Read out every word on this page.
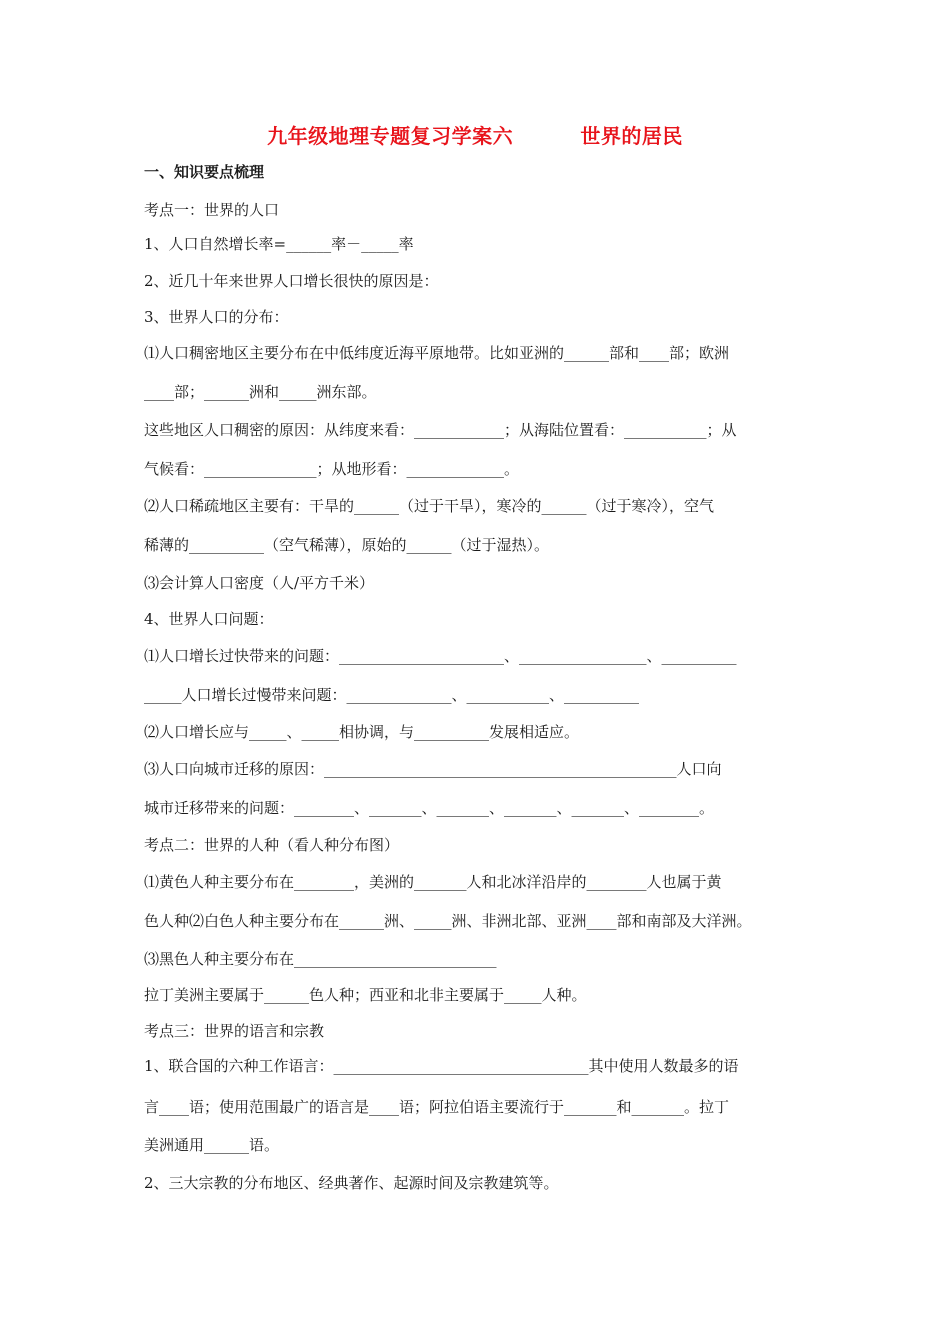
九年级地理专题复习学案六         世界的居民
一、知识要点梳理
考点一：世界的人口
1、人口自然增长率=______率－_____率
2、近几十年来世界人口增长很快的原因是：
3、世界人口的分布：
⑴人口稠密地区主要分布在中低纬度近海平原地带。比如亚洲的______部和____部；欧洲
____部；______洲和_____洲东部。
这些地区人口稠密的原因：从纬度来看：____________；从海陆位置看：___________；从
气候看：_______________；从地形看：_____________。
⑵人口稀疏地区主要有：干旱的______（过于干旱），寒冷的______（过于寒冷），空气
稀薄的__________（空气稀薄），原始的______（过于湿热）。
⑶会计算人口密度（人/平方千米）
4、世界人口问题：
⑴人口增长过快带来的问题：______________________、_________________、__________
_____人口增长过慢带来问题：______________、___________、__________
⑵人口增长应与_____、_____相协调，与__________发展相适应。
⑶人口向城市迁移的原因：_______________________________________________人口向
城市迁移带来的问题：________、_______、_______、_______、_______、________。
考点二：世界的人种（看人种分布图）
⑴黄色人种主要分布在________，美洲的_______人和北冰洋沿岸的________人也属于黄
色人种⑵白色人种主要分布在______洲、_____洲、非洲北部、亚洲____部和南部及大洋洲。
⑶黑色人种主要分布在___________________________
拉丁美洲主要属于______色人种；西亚和北非主要属于_____人种。
考点三：世界的语言和宗教
1、联合国的六种工作语言：__________________________________其中使用人数最多的语
言____语；使用范围最广的语言是____语；阿拉伯语主要流行于_______和_______。拉丁
美洲通用______语。
2、三大宗教的分布地区、经典著作、起源时间及宗教建筑等。
